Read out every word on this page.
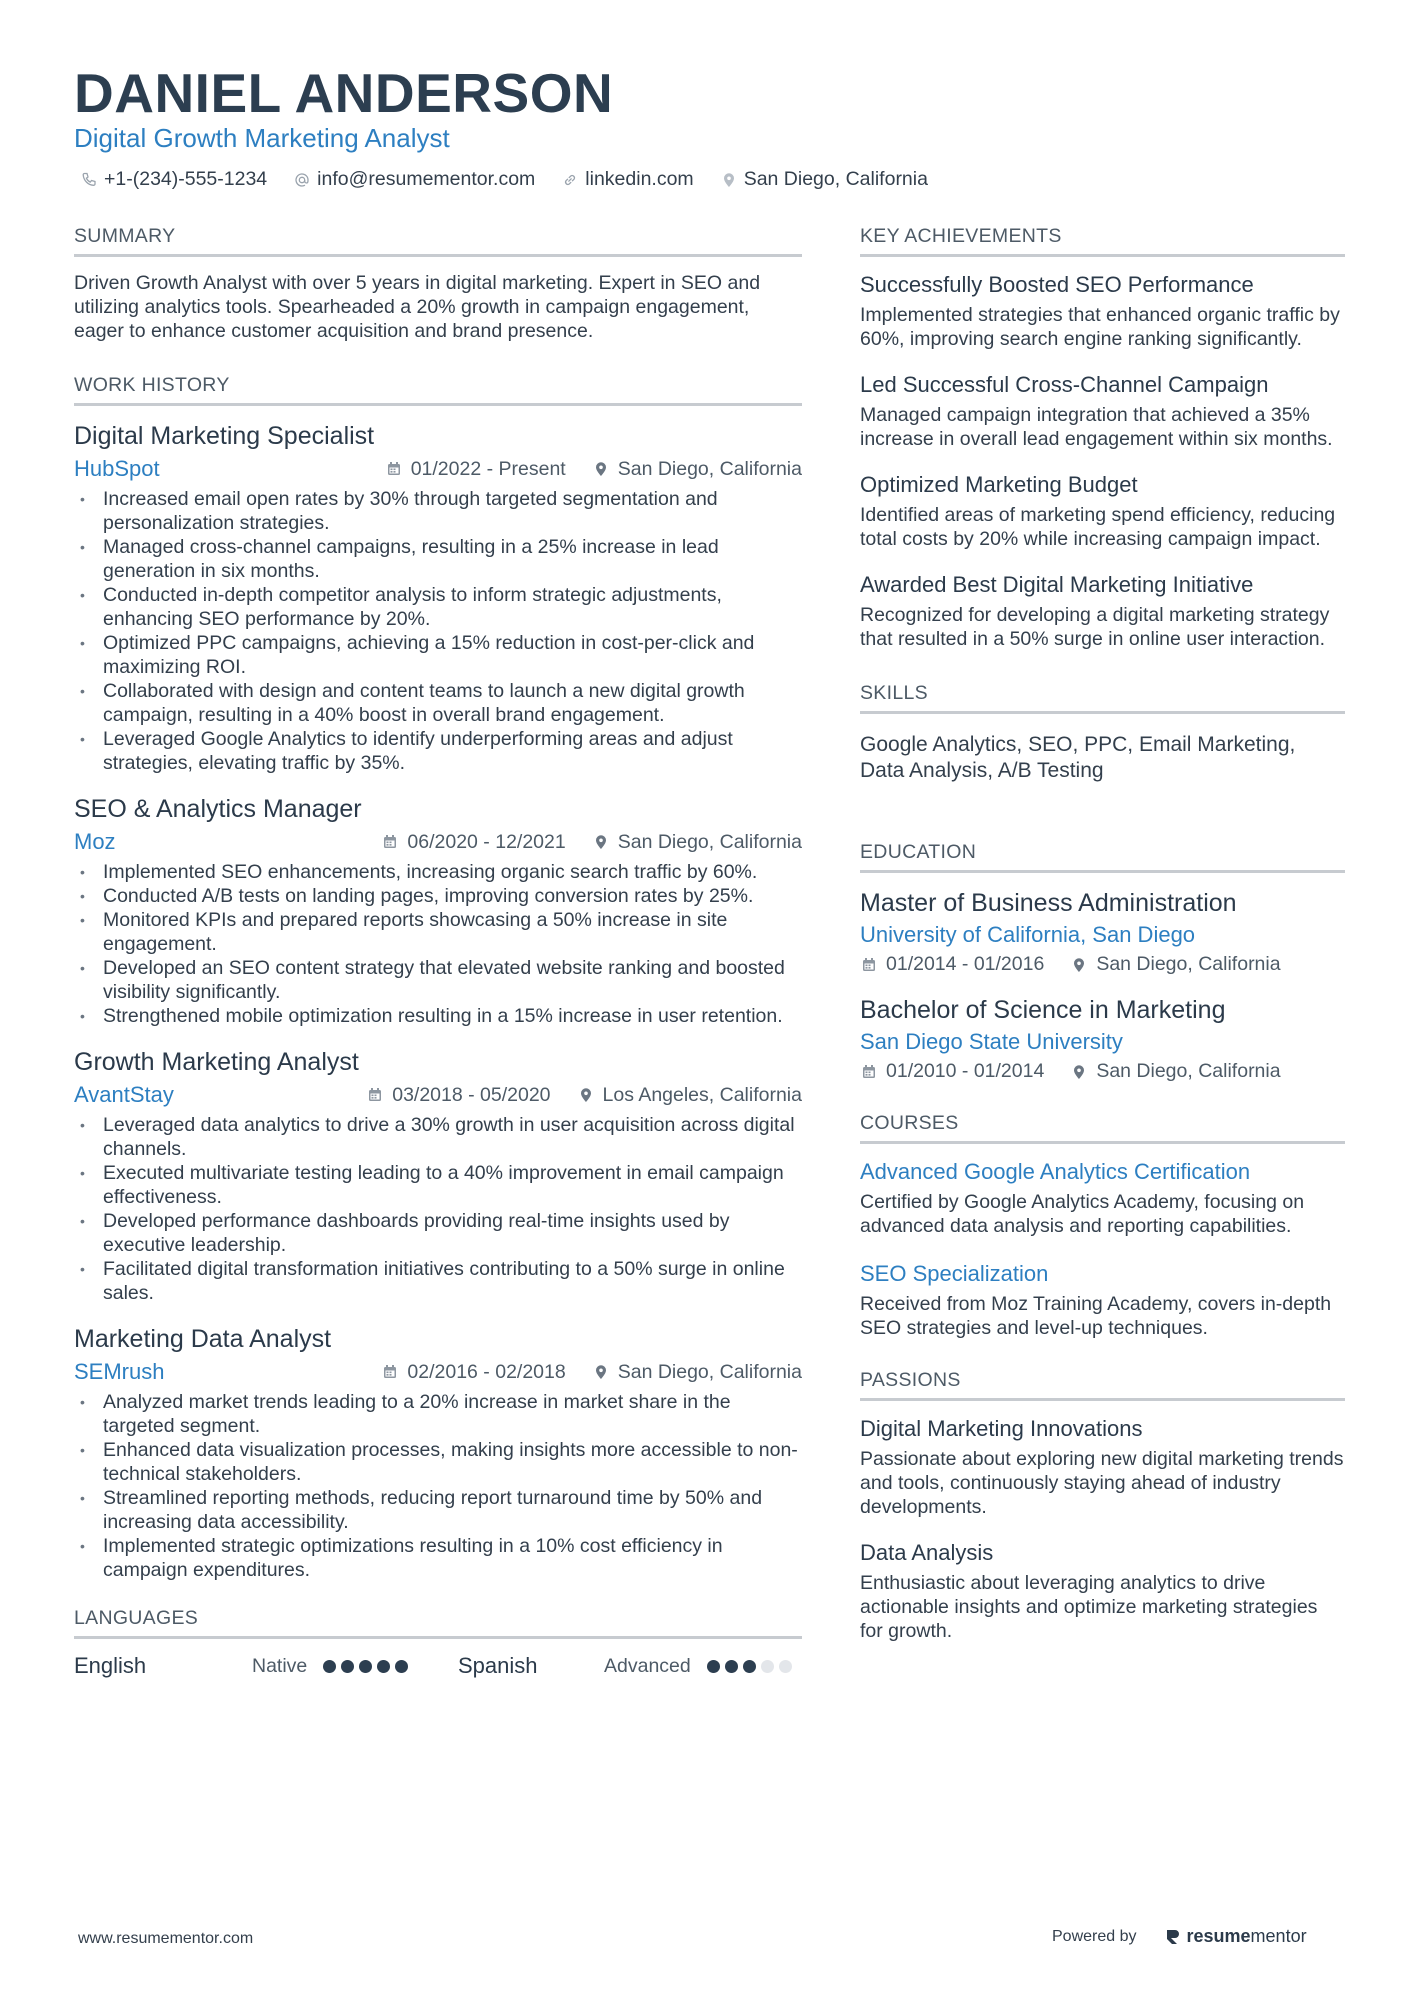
DANIEL ANDERSON
Digital Growth Marketing Analyst
+1-(234)-555-1234	info@resumementor.com	linkedin.com	San Diego, California
SUMMARY
Driven Growth Analyst with over 5 years in digital marketing. Expert in SEO and utilizing analytics tools. Spearheaded a 20% growth in campaign engagement, eager to enhance customer acquisition and brand presence.
WORK HISTORY
Digital Marketing Specialist
HubSpot	01/2022 - Present	San Diego, California
• Increased email open rates by 30% through targeted segmentation and personalization strategies.
• Managed cross-channel campaigns, resulting in a 25% increase in lead generation in six months.
• Conducted in-depth competitor analysis to inform strategic adjustments, enhancing SEO performance by 20%.
• Optimized PPC campaigns, achieving a 15% reduction in cost-per-click and maximizing ROI.
• Collaborated with design and content teams to launch a new digital growth campaign, resulting in a 40% boost in overall brand engagement.
• Leveraged Google Analytics to identify underperforming areas and adjust strategies, elevating traffic by 35%.
SEO & Analytics Manager
Moz	06/2020 - 12/2021	San Diego, California
• Implemented SEO enhancements, increasing organic search traffic by 60%.
• Conducted A/B tests on landing pages, improving conversion rates by 25%.
• Monitored KPIs and prepared reports showcasing a 50% increase in site engagement.
• Developed an SEO content strategy that elevated website ranking and boosted visibility significantly.
• Strengthened mobile optimization resulting in a 15% increase in user retention.
Growth Marketing Analyst
AvantStay	03/2018 - 05/2020	Los Angeles, California
• Leveraged data analytics to drive a 30% growth in user acquisition across digital channels.
• Executed multivariate testing leading to a 40% improvement in email campaign effectiveness.
• Developed performance dashboards providing real-time insights used by executive leadership.
• Facilitated digital transformation initiatives contributing to a 50% surge in online sales.
Marketing Data Analyst
SEMrush	02/2016 - 02/2018	San Diego, California
• Analyzed market trends leading to a 20% increase in market share in the targeted segment.
• Enhanced data visualization processes, making insights more accessible to non-technical stakeholders.
• Streamlined reporting methods, reducing report turnaround time by 50% and increasing data accessibility.
• Implemented strategic optimizations resulting in a 10% cost efficiency in campaign expenditures.
LANGUAGES
English	Native	Spanish	Advanced
KEY ACHIEVEMENTS
Successfully Boosted SEO Performance
Implemented strategies that enhanced organic traffic by 60%, improving search engine ranking significantly.
Led Successful Cross-Channel Campaign
Managed campaign integration that achieved a 35% increase in overall lead engagement within six months.
Optimized Marketing Budget
Identified areas of marketing spend efficiency, reducing total costs by 20% while increasing campaign impact.
Awarded Best Digital Marketing Initiative
Recognized for developing a digital marketing strategy that resulted in a 50% surge in online user interaction.
SKILLS
Google Analytics, SEO, PPC, Email Marketing, Data Analysis, A/B Testing
EDUCATION
Master of Business Administration
University of California, San Diego
01/2014 - 01/2016	San Diego, California
Bachelor of Science in Marketing
San Diego State University
01/2010 - 01/2014	San Diego, California
COURSES
Advanced Google Analytics Certification
Certified by Google Analytics Academy, focusing on advanced data analysis and reporting capabilities.
SEO Specialization
Received from Moz Training Academy, covers in-depth SEO strategies and level-up techniques.
PASSIONS
Digital Marketing Innovations
Passionate about exploring new digital marketing trends and tools, continuously staying ahead of industry developments.
Data Analysis
Enthusiastic about leveraging analytics to drive actionable insights and optimize marketing strategies for growth.
www.resumementor.com	Powered by	resumementor
